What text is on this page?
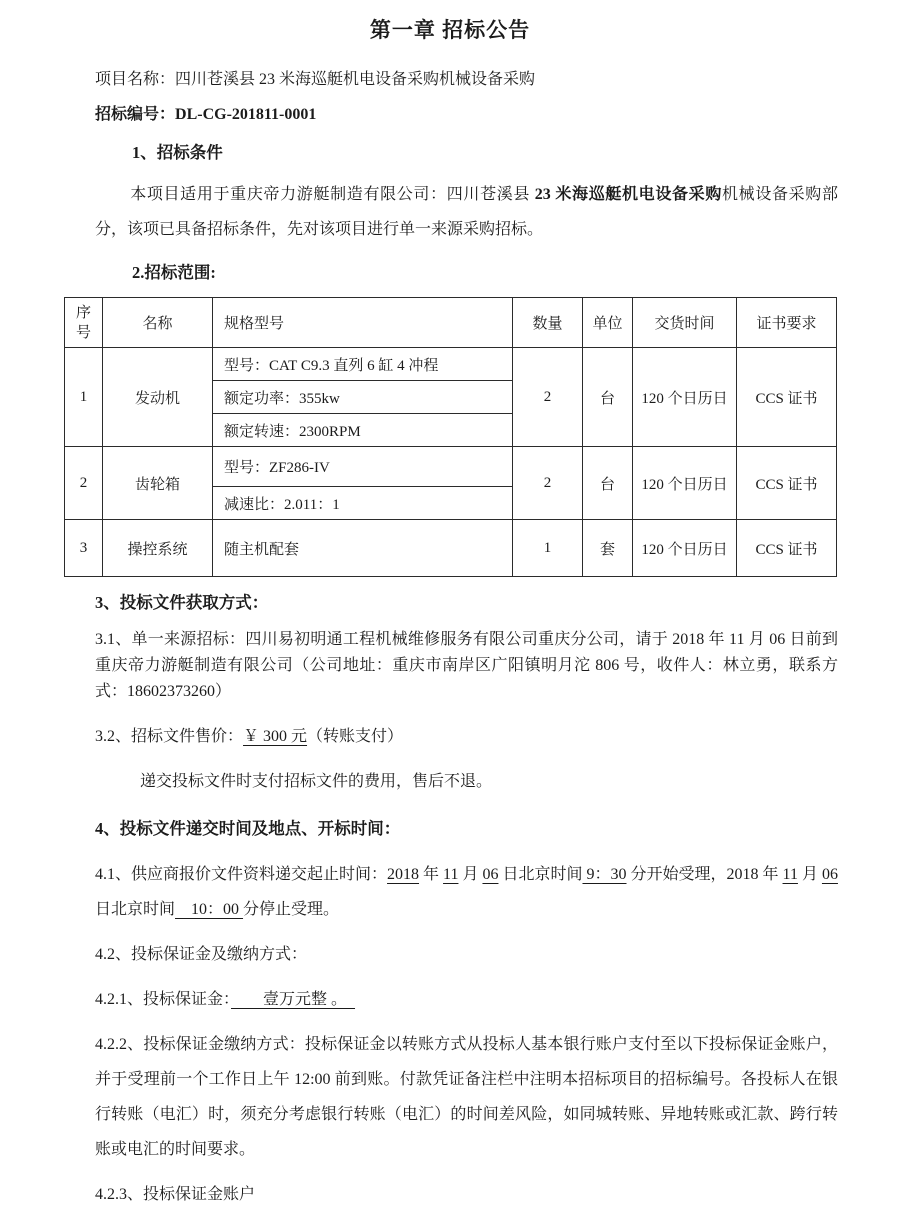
第一章 招标公告

项目名称：四川苍溪县 23 米海巡艇机电设备采购机械设备采购

招标编号：DL-CG-201811-0001

1、招标条件

本项目适用于重庆帝力游艇制造有限公司：四川苍溪县 23 米海巡艇机电设备采购机械设备采购部分，该项已具备招标条件，先对该项目进行单一来源采购招标。

2.招标范围:
序号	名称	规格型号	数量	单位	交货时间	证书要求
1	发动机	型号：CAT C9.3 直列 6 缸 4 冲程	2	台	120 个日历日	CCS 证书
		额定功率：355kw				
		额定转速：2300RPM				
2	齿轮箱	型号：ZF286-IV	2	台	120 个日历日	CCS 证书
		减速比：2.011：1				
3	操控系统	随主机配套	1	套	120 个日历日	CCS 证书
3、投标文件获取方式：

3.1、单一来源招标：四川易初明通工程机械维修服务有限公司重庆分公司，请于 2018 年 11 月 06 日前到重庆帝力游艇制造有限公司（公司地址：重庆市南岸区广阳镇明月沱 806 号，收件人：林立勇，联系方式：18602373260）

3.2、招标文件售价：￥ 300 元（转账支付）

递交投标文件时支付招标文件的费用，售后不退。

4、投标文件递交时间及地点、开标时间：

4.1、供应商报价文件资料递交起止时间：2018 年 11 月 06 日北京时间 9：30 分开始受理，2018 年 11 月 06 日北京时间　10：00 分停止受理。

4.2、投标保证金及缴纳方式：

4.2.1、投标保证金：　　壹万元整 。　

4.2.2、投标保证金缴纳方式：投标保证金以转账方式从投标人基本银行账户支付至以下投标保证金账户，并于受理前一个工作日上午 12:00 前到账。付款凭证备注栏中注明本招标项目的招标编号。各投标人在银行转账（电汇）时，须充分考虑银行转账（电汇）的时间差风险，如同城转账、异地转账或汇款、跨行转账或电汇的时间要求。

4.2.3、投标保证金账户
